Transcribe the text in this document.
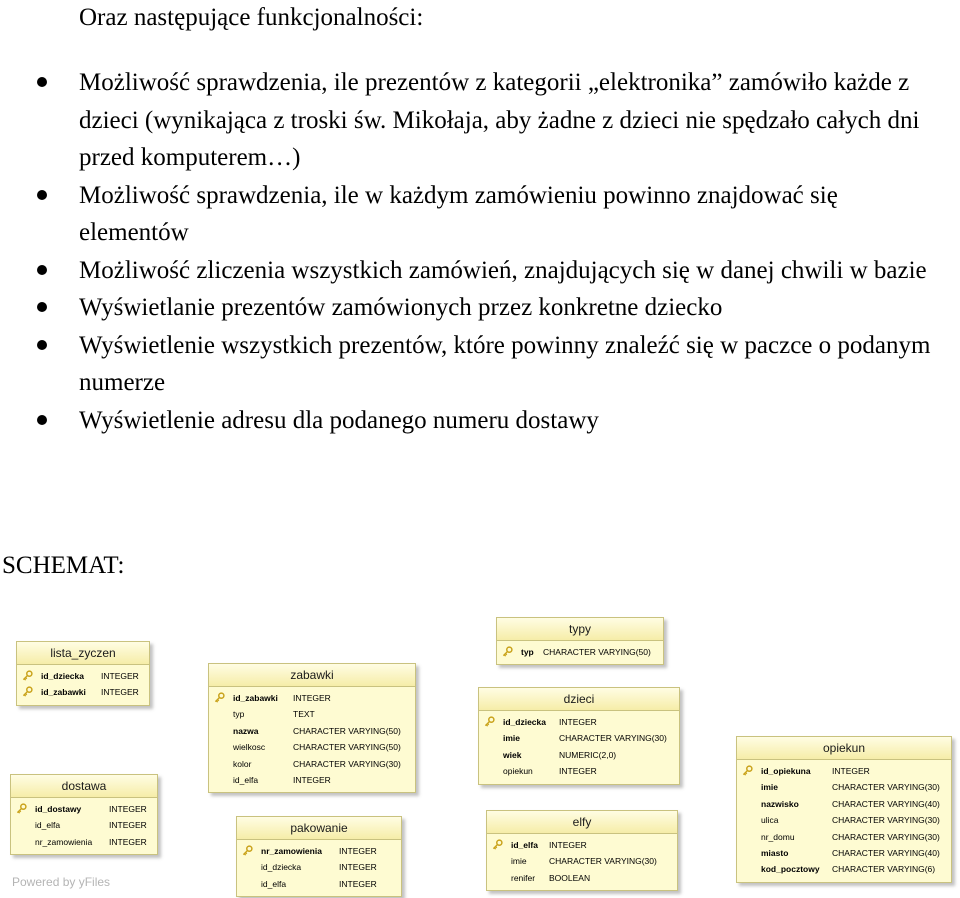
Oraz następujące funkcjonalności:
Możliwość sprawdzenia, ile prezentów z kategorii „elektronika” zamówiło każde z dzieci (wynikająca z troski św. Mikołaja, aby żadne z dzieci nie spędzało całych dni przed komputerem…)
Możliwość sprawdzenia, ile w każdym zamówieniu powinno znajdować się elementów
Możliwość zliczenia wszystkich zamówień, znajdujących się w danej chwili w bazie
Wyświetlanie prezentów zamówionych przez konkretne dziecko
Wyświetlenie wszystkich prezentów, które powinny znaleźć się w paczce o podanym numerze
Wyświetlenie adresu dla podanego numeru dostawy
SCHEMAT:
lista_zyczen
id_dziecka INTEGER
id_zabawki INTEGER
zabawki
id_zabawki INTEGER
typ	TEXT
nazwa	CHARACTER VARYING(50)
wielkosc	CHARACTER VARYING(50)
kolor	CHARACTER VARYING(30)
id_elfa	INTEGER
typy
typ CHARACTER VARYING(50)
dzieci
id_dziecka INTEGER
imie	CHARACTER VARYING(30)
wiek	NUMERIC(2,0)
opiekun	INTEGER
opiekun
id_opiekuna	INTEGER
imie	CHARACTER VARYING(30)
nazwisko	CHARACTER VARYING(40)
ulica	CHARACTER VARYING(30)
nr_domu	CHARACTER VARYING(30)
miasto	CHARACTER VARYING(40)
kod_pocztowy CHARACTER VARYING(6)
dostawa
id_dostawy	INTEGER
id_elfa	INTEGER
nr_zamowienia INTEGER
pakowanie
nr_zamowienia INTEGER
id_dziecka	INTEGER
id_elfa	INTEGER
elfy
id_elfa INTEGER
imie	CHARACTER VARYING(30)
renifer BOOLEAN
Powered by yFiles
